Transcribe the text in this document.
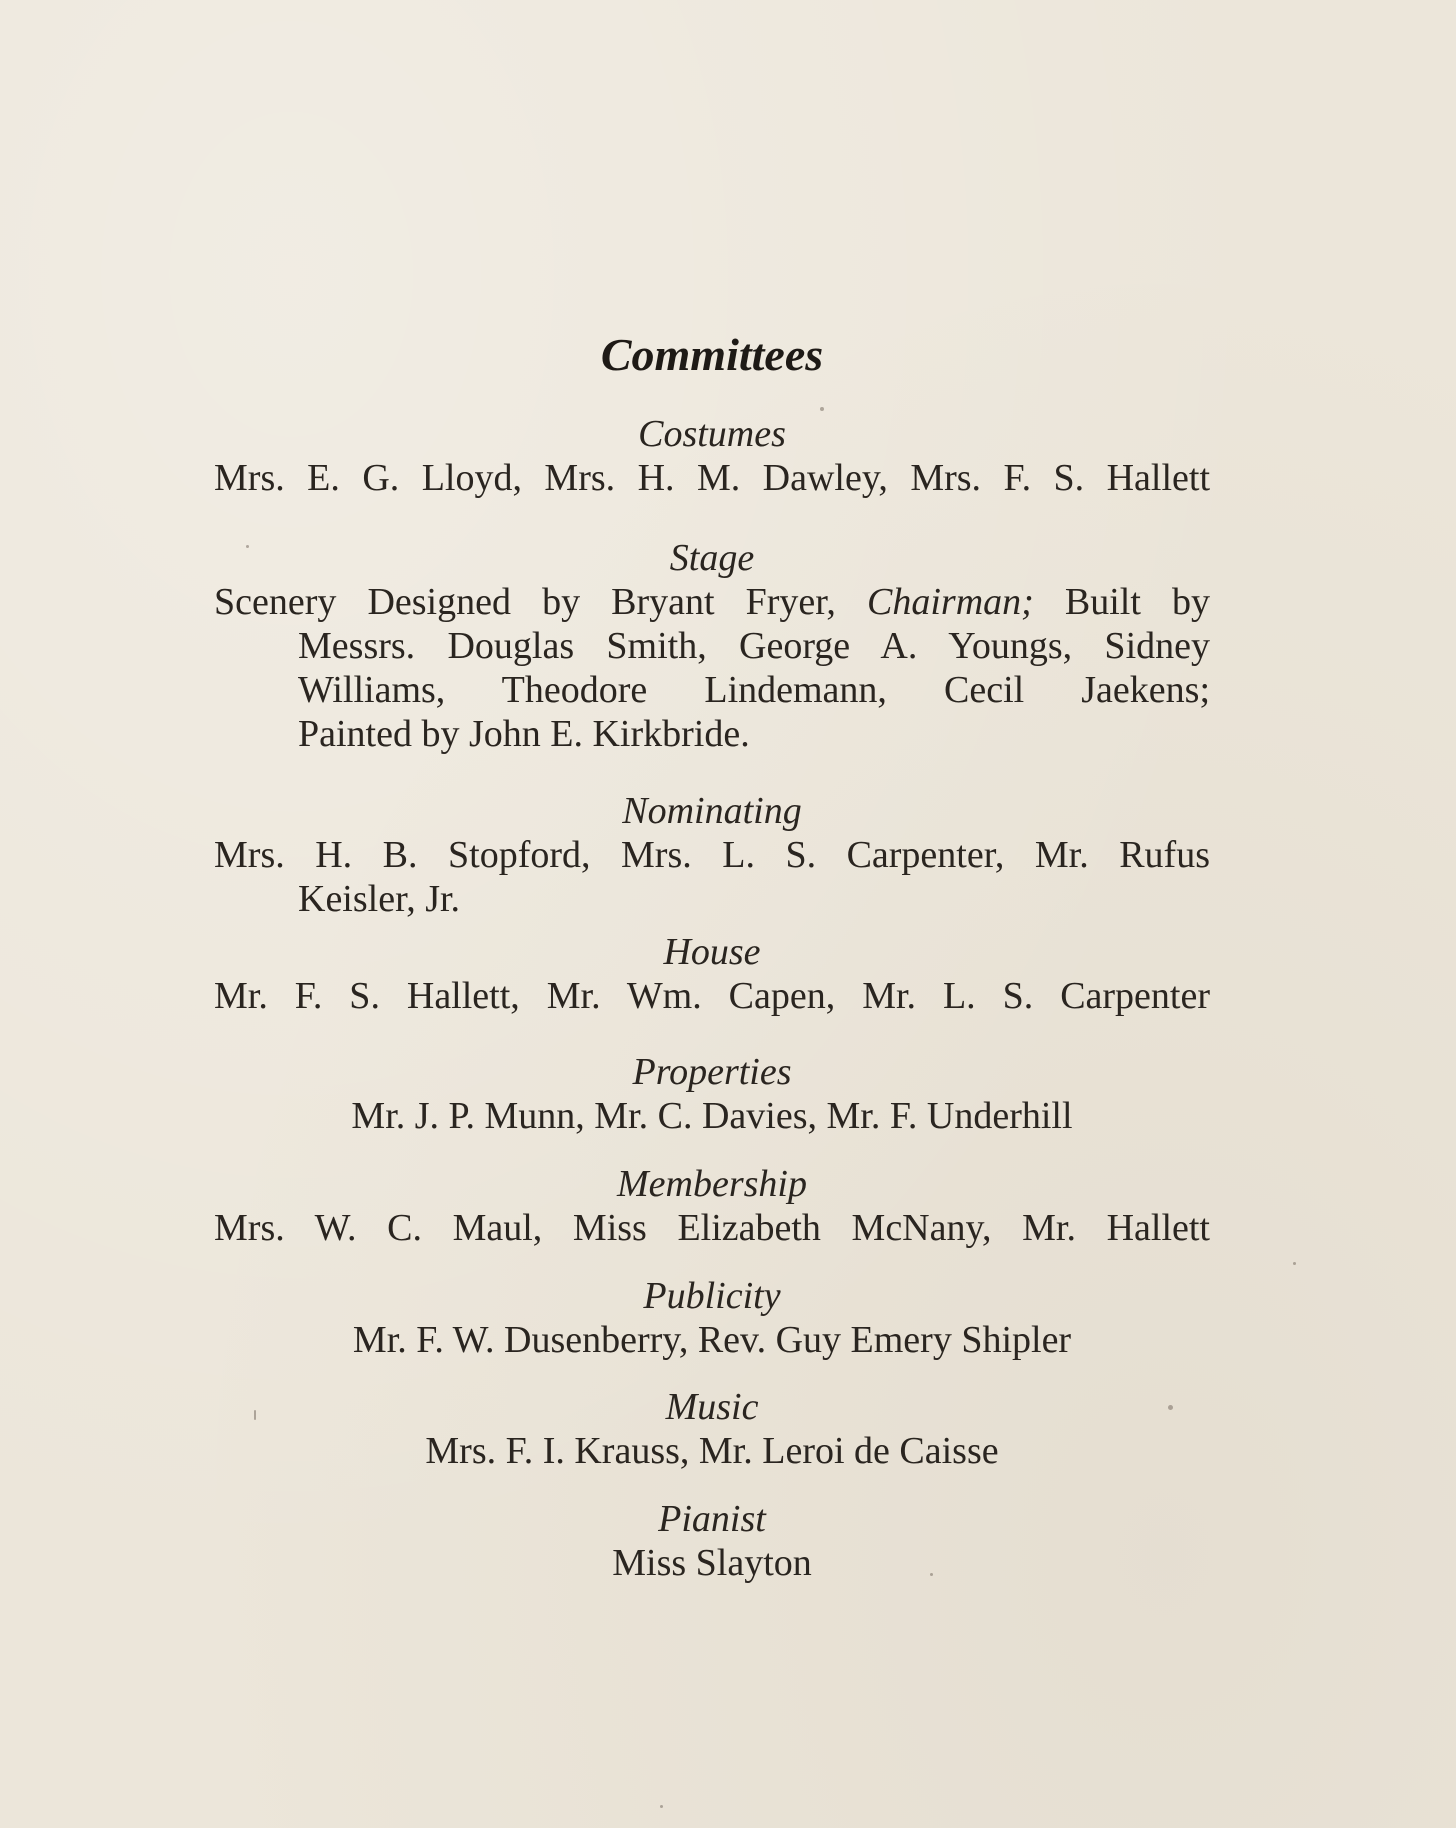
Committees
Costumes
Mrs. E. G. Lloyd, Mrs. H. M. Dawley, Mrs. F. S. Hallett
Stage
Scenery Designed by Bryant Fryer, Chairman; Built by
Messrs. Douglas Smith, George A. Youngs, Sidney
Williams, Theodore Lindemann, Cecil Jaekens;
Painted by John E. Kirkbride.
Nominating
Mrs. H. B. Stopford, Mrs. L. S. Carpenter, Mr. Rufus
Keisler, Jr.
House
Mr. F. S. Hallett, Mr. Wm. Capen, Mr. L. S. Carpenter
Properties
Mr. J. P. Munn, Mr. C. Davies, Mr. F. Underhill
Membership
Mrs. W. C. Maul, Miss Elizabeth McNany, Mr. Hallett
Publicity
Mr. F. W. Dusenberry, Rev. Guy Emery Shipler
Music
Mrs. F. I. Krauss, Mr. Leroi de Caisse
Pianist
Miss Slayton
